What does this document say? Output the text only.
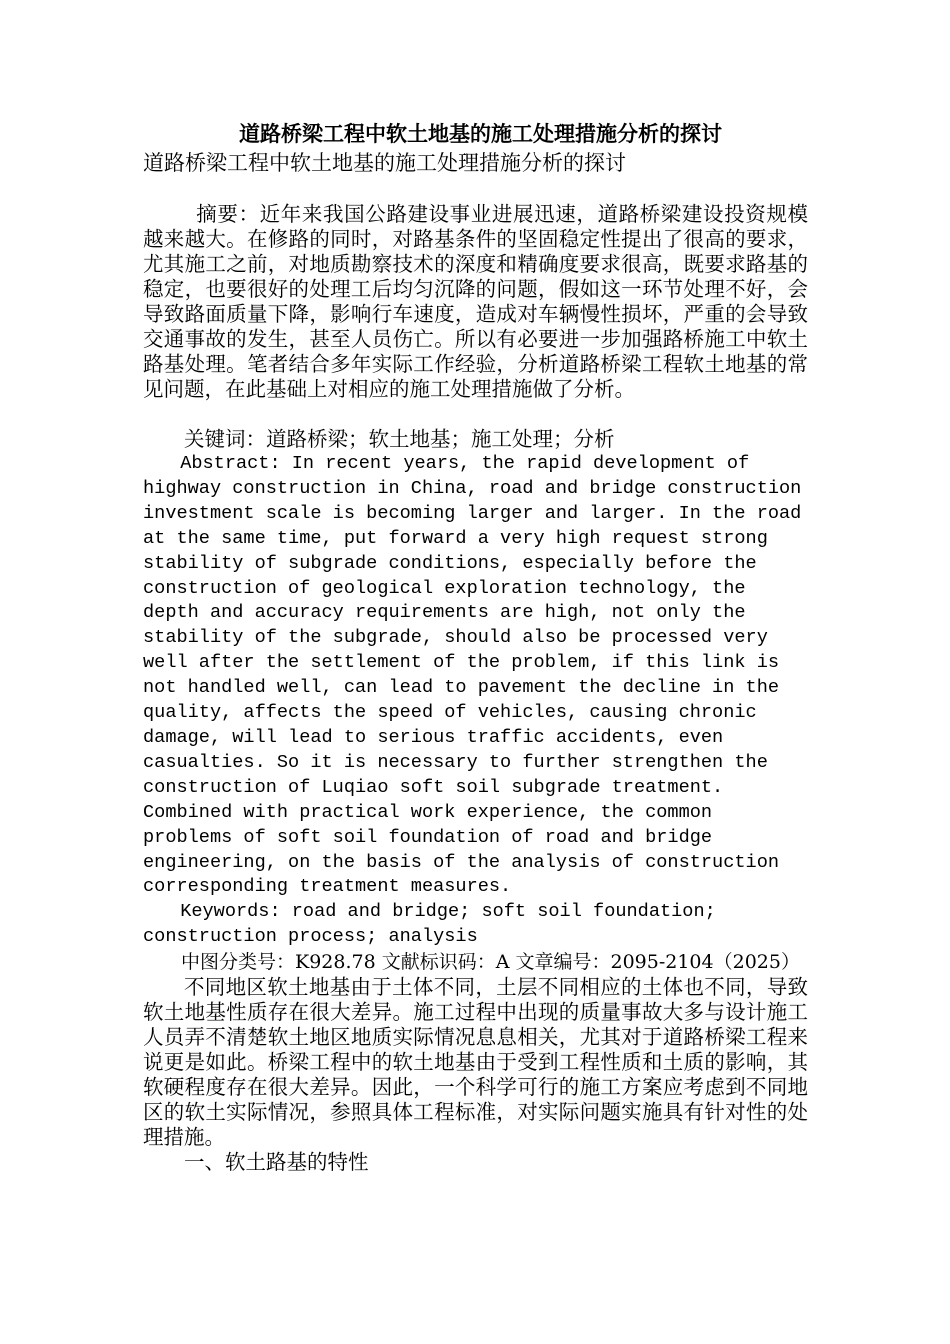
道路桥梁工程中软土地基的施工处理措施分析的探讨

道路桥梁工程中软土地基的施工处理措施分析的探讨

摘要：近年来我国公路建设事业进展迅速，道路桥梁建设投资规模越来越大。在修路的同时，对路基条件的坚固稳定性提出了很高的要求，尤其施工之前，对地质勘察技术的深度和精确度要求很高，既要求路基的稳定，也要很好的处理工后均匀沉降的问题，假如这一环节处理不好，会导致路面质量下降，影响行车速度，造成对车辆慢性损坏，严重的会导致交通事故的发生，甚至人员伤亡。所以有必要进一步加强路桥施工中软土路基处理。笔者结合多年实际工作经验，分析道路桥梁工程软土地基的常见问题，在此基础上对相应的施工处理措施做了分析。

关键词：道路桥梁；软土地基；施工处理；分析

Abstract: In recent years, the rapid development of highway construction in China, road and bridge construction investment scale is becoming larger and larger. In the road at the same time, put forward a very high request strong stability of subgrade conditions, especially before the construction of geological exploration technology, the depth and accuracy requirements are high, not only the stability of the subgrade, should also be processed very well after the settlement of the problem, if this link is not handled well, can lead to pavement the decline in the quality, affects the speed of vehicles, causing chronic damage, will lead to serious traffic accidents, even casualties. So it is necessary to further strengthen the construction of Luqiao soft soil subgrade treatment. Combined with practical work experience, the common problems of soft soil foundation of road and bridge engineering, on the basis of the analysis of construction corresponding treatment measures.

Keywords: road and bridge; soft soil foundation; construction process; analysis

中图分类号：K928.78 文献标识码：A 文章编号：2095-2104（2025）

不同地区软土地基由于土体不同，土层不同相应的土体也不同，导致软土地基性质存在很大差异。施工过程中出现的质量事故大多与设计施工人员弄不清楚软土地区地质实际情况息息相关，尤其对于道路桥梁工程来说更是如此。桥梁工程中的软土地基由于受到工程性质和土质的影响，其软硬程度存在很大差异。因此，一个科学可行的施工方案应考虑到不同地区的软土实际情况，参照具体工程标准，对实际问题实施具有针对性的处理措施。

一、软土路基的特性
